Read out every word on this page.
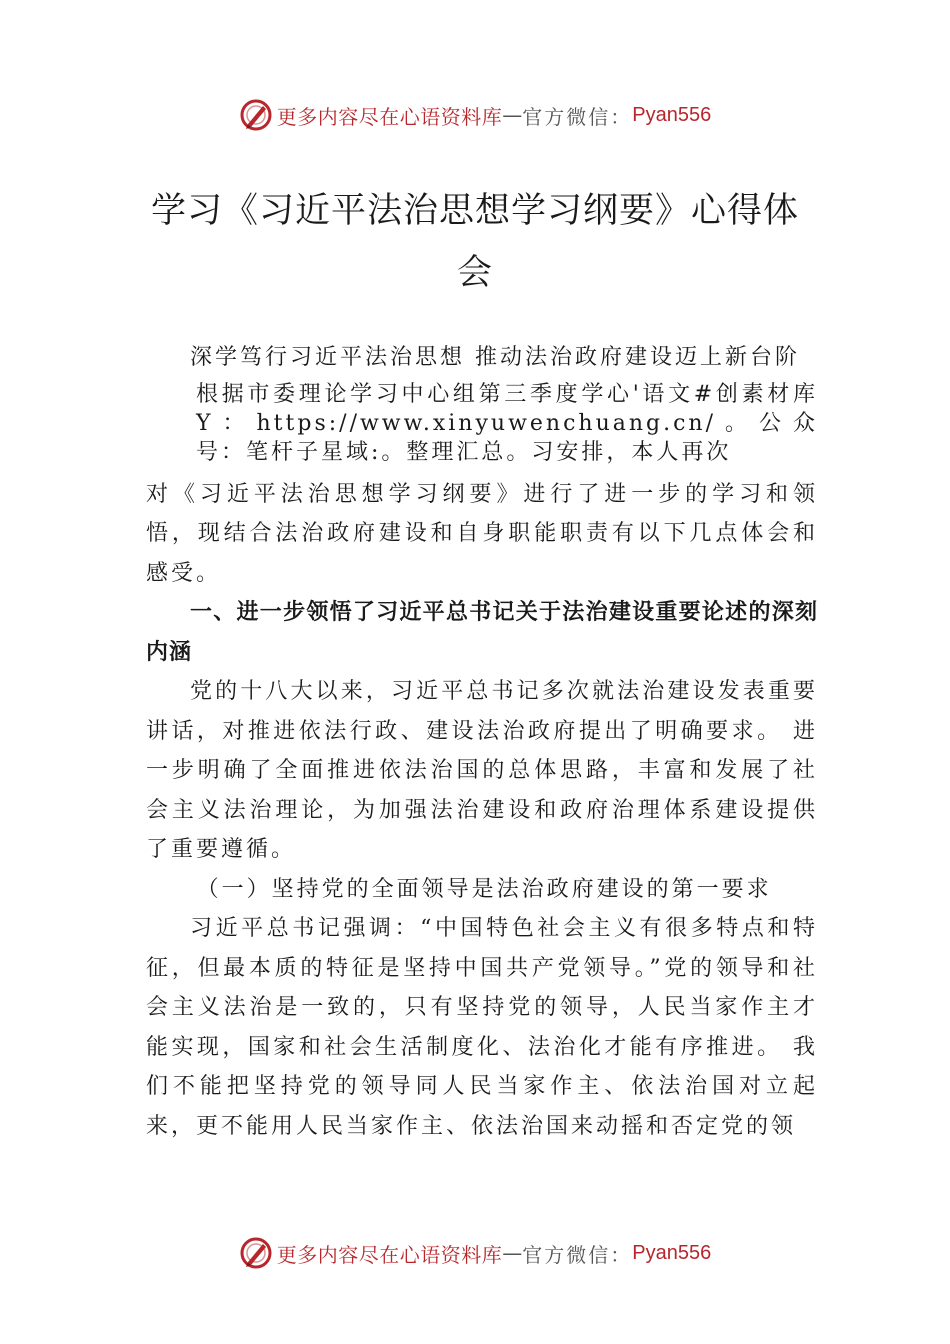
更多内容尽在心语资料库 — 官方微信： Pyan556
学习《习近平法治思想学习纲要》心得体会

深学笃行习近平法治思想 推动法治政府建设迈上新台阶

根据市委理论学习中心组第三季度学心'语文#创素材库Y：https://www.xinyuwenchuang.cn/。公众号：笔杆子星域:。整理汇总。习安排，本人再次

对《习近平法治思想学习纲要》进行了进一步的学习和领悟，现结合法治政府建设和自身职能职责有以下几点体会和感受。

一、进一步领悟了习近平总书记关于法治建设重要论述的深刻内涵

党的十八大以来，习近平总书记多次就法治建设发表重要讲话，对推进依法行政、建设法治政府提出了明确要求。 进一步明确了全面推进依法治国的总体思路，丰富和发展了社会主义法治理论，为加强法治建设和政府治理体系建设提供了重要遵循。

（一）坚持党的全面领导是法治政府建设的第一要求

习近平总书记强调：“中国特色社会主义有很多特点和特征，但最本质的特征是坚持中国共产党领导。”党的领导和社会主义法治是一致的，只有坚持党的领导，人民当家作主才能实现，国家和社会生活制度化、法治化才能有序推进。 我们不能把坚持党的领导同人民当家作主、依法治国对立起来，更不能用人民当家作主、依法治国来动摇和否定党的领

更多内容尽在心语资料库 — 官方微信： Pyan556
